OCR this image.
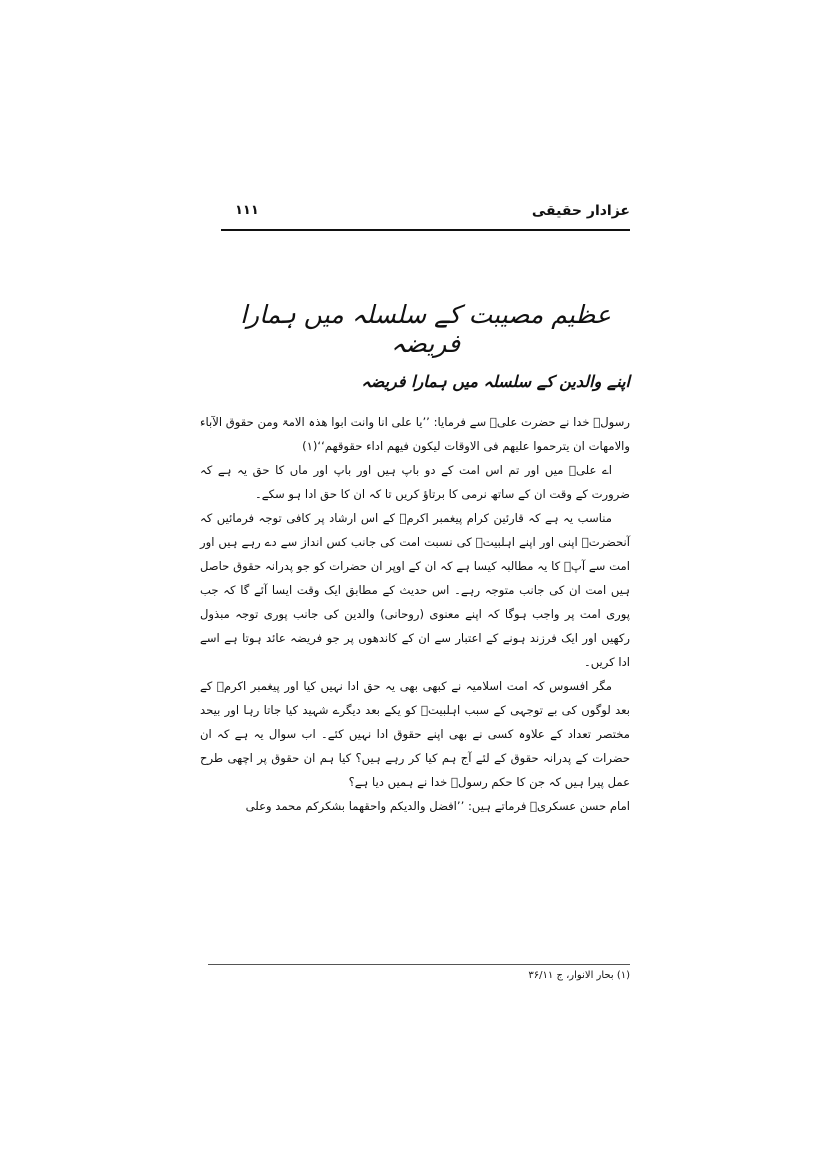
عزادار حقیقی
۱۱۱
عظیم مصیبت کے سلسلہ میں ہمارا فریضہ
اپنے والدین کے سلسلہ میں ہمارا فریضہ

رسولؐ خدا نے حضرت علیؑ سے فرمایا: ’’یا علی انا وانت ابوا ھذہ الامۃ ومن حقوق الآباء والامھات ان یترحموا علیھم فی الاوقات لیکون فیھم اداء حقوقھم‘‘(۱)

اے علیؑ میں اور تم اس امت کے دو باپ ہیں اور باپ اور ماں کا حق یہ ہے کہ ضرورت کے وقت ان کے ساتھ نرمی کا برتاؤ کریں تا کہ ان کا حق ادا ہو سکے۔

مناسب یہ ہے کہ قارئین کرام پیغمبر اکرمؐ کے اس ارشاد پر کافی توجہ فرمائیں کہ آنحضرتؐ اپنی اور اپنے اہلبیتؑ کی نسبت امت کی جانب کس انداز سے دے رہے ہیں اور امت سے آپؐ کا یہ مطالبہ کیسا ہے کہ ان کے اوپر ان حضرات کو جو پدرانہ حقوق حاصل ہیں امت ان کی جانب متوجہ رہے۔ اس حدیث کے مطابق ایک وقت ایسا آئے گا کہ جب پوری امت پر واجب ہوگا کہ اپنے معنوی (روحانی) والدین کی جانب پوری توجہ مبذول رکھیں اور ایک فرزند ہونے کے اعتبار سے ان کے کاندھوں پر جو فریضہ عائد ہوتا ہے اسے ادا کریں۔

مگر افسوس کہ امت اسلامیہ نے کبھی بھی یہ حق ادا نہیں کیا اور پیغمبر اکرمؐ کے بعد لوگوں کی بے توجہی کے سبب اہلبیتؑ کو یکے بعد دیگرے شہید کیا جاتا رہا اور بیحد مختصر تعداد کے علاوہ کسی نے بھی اپنے حقوق ادا نہیں کئے۔ اب سوال یہ ہے کہ ان حضرات کے پدرانہ حقوق کے لئے آج ہم کیا کر رہے ہیں؟ کیا ہم ان حقوق پر اچھی طرح عمل پیرا ہیں کہ جن کا حکم رسولؐ خدا نے ہمیں دیا ہے؟

امام حسن عسکریؑ فرماتے ہیں: ’’افضل والدیکم واحقھما بشکرکم محمد وعلی

(۱) بحار الانوار، ج ۳۶/۱۱
